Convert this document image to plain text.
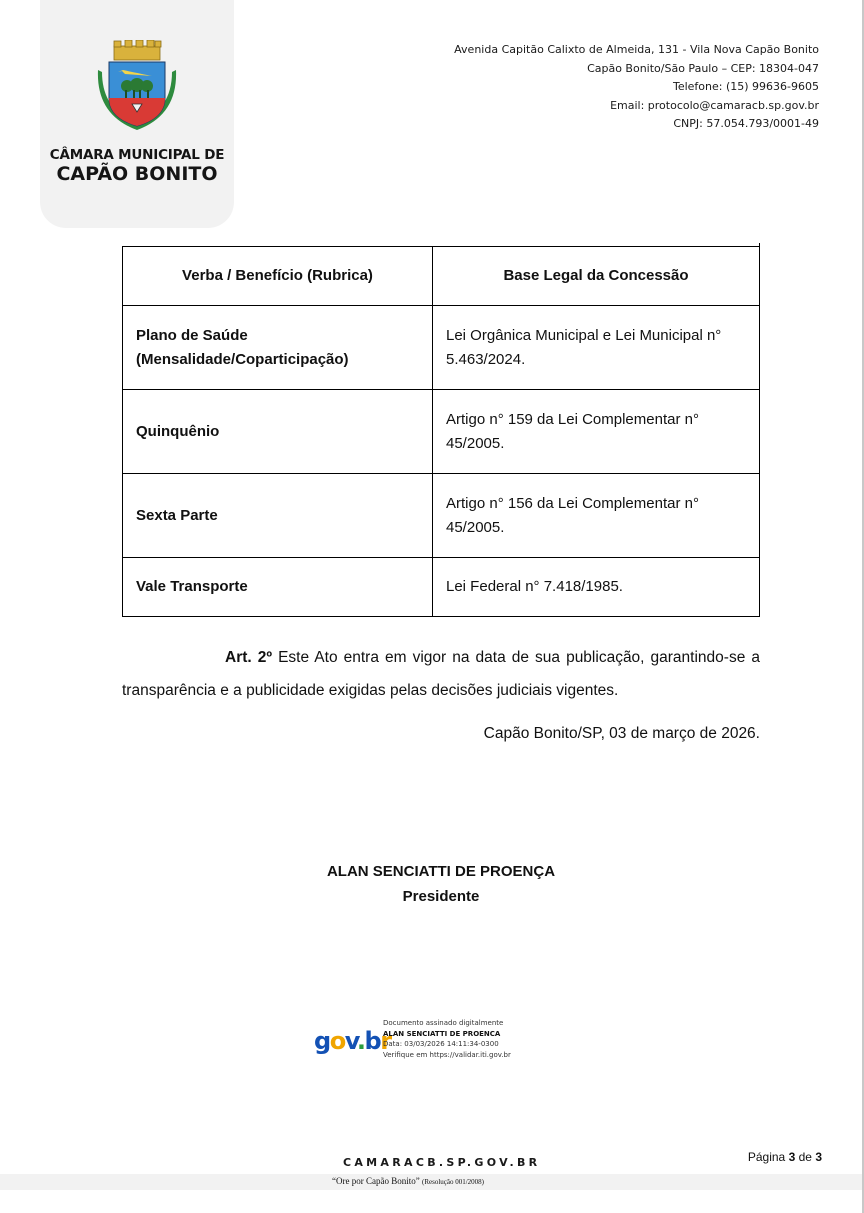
CÂMARA MUNICIPAL DE
CAPÃO BONITO
Avenida Capitão Calixto de Almeida, 131 - Vila Nova Capão Bonito
Capão Bonito/São Paulo – CEP: 18304-047
Telefone: (15) 99636-9605
Email: protocolo@camaracb.sp.gov.br
CNPJ: 57.054.793/0001-49
Verba / Benefício (Rubrica)	Base Legal da Concessão
Plano de Saúde
(Mensalidade/Coparticipação)	Lei Orgânica Municipal e Lei Municipal n° 5.463/2024.
Quinquênio	Artigo n° 159 da Lei Complementar n° 45/2005.
Sexta Parte	Artigo n° 156 da Lei Complementar n° 45/2005.
Vale Transporte	Lei Federal n° 7.418/1985.
Art. 2º Este Ato entra em vigor na data de sua publicação, garantindo-se a transparência e a publicidade exigidas pelas decisões judiciais vigentes.
Capão Bonito/SP, 03 de março de 2026.
ALAN SENCIATTI DE PROENÇA
Presidente
gov.br
Documento assinado digitalmente
ALAN SENCIATTI DE PROENCA
Data: 03/03/2026 14:11:34-0300
Verifique em https://validar.iti.gov.br
CAMARACB.SP.GOV.BR	Página 3 de 3
“Ore por Capão Bonito” (Resolução 001/2008)
